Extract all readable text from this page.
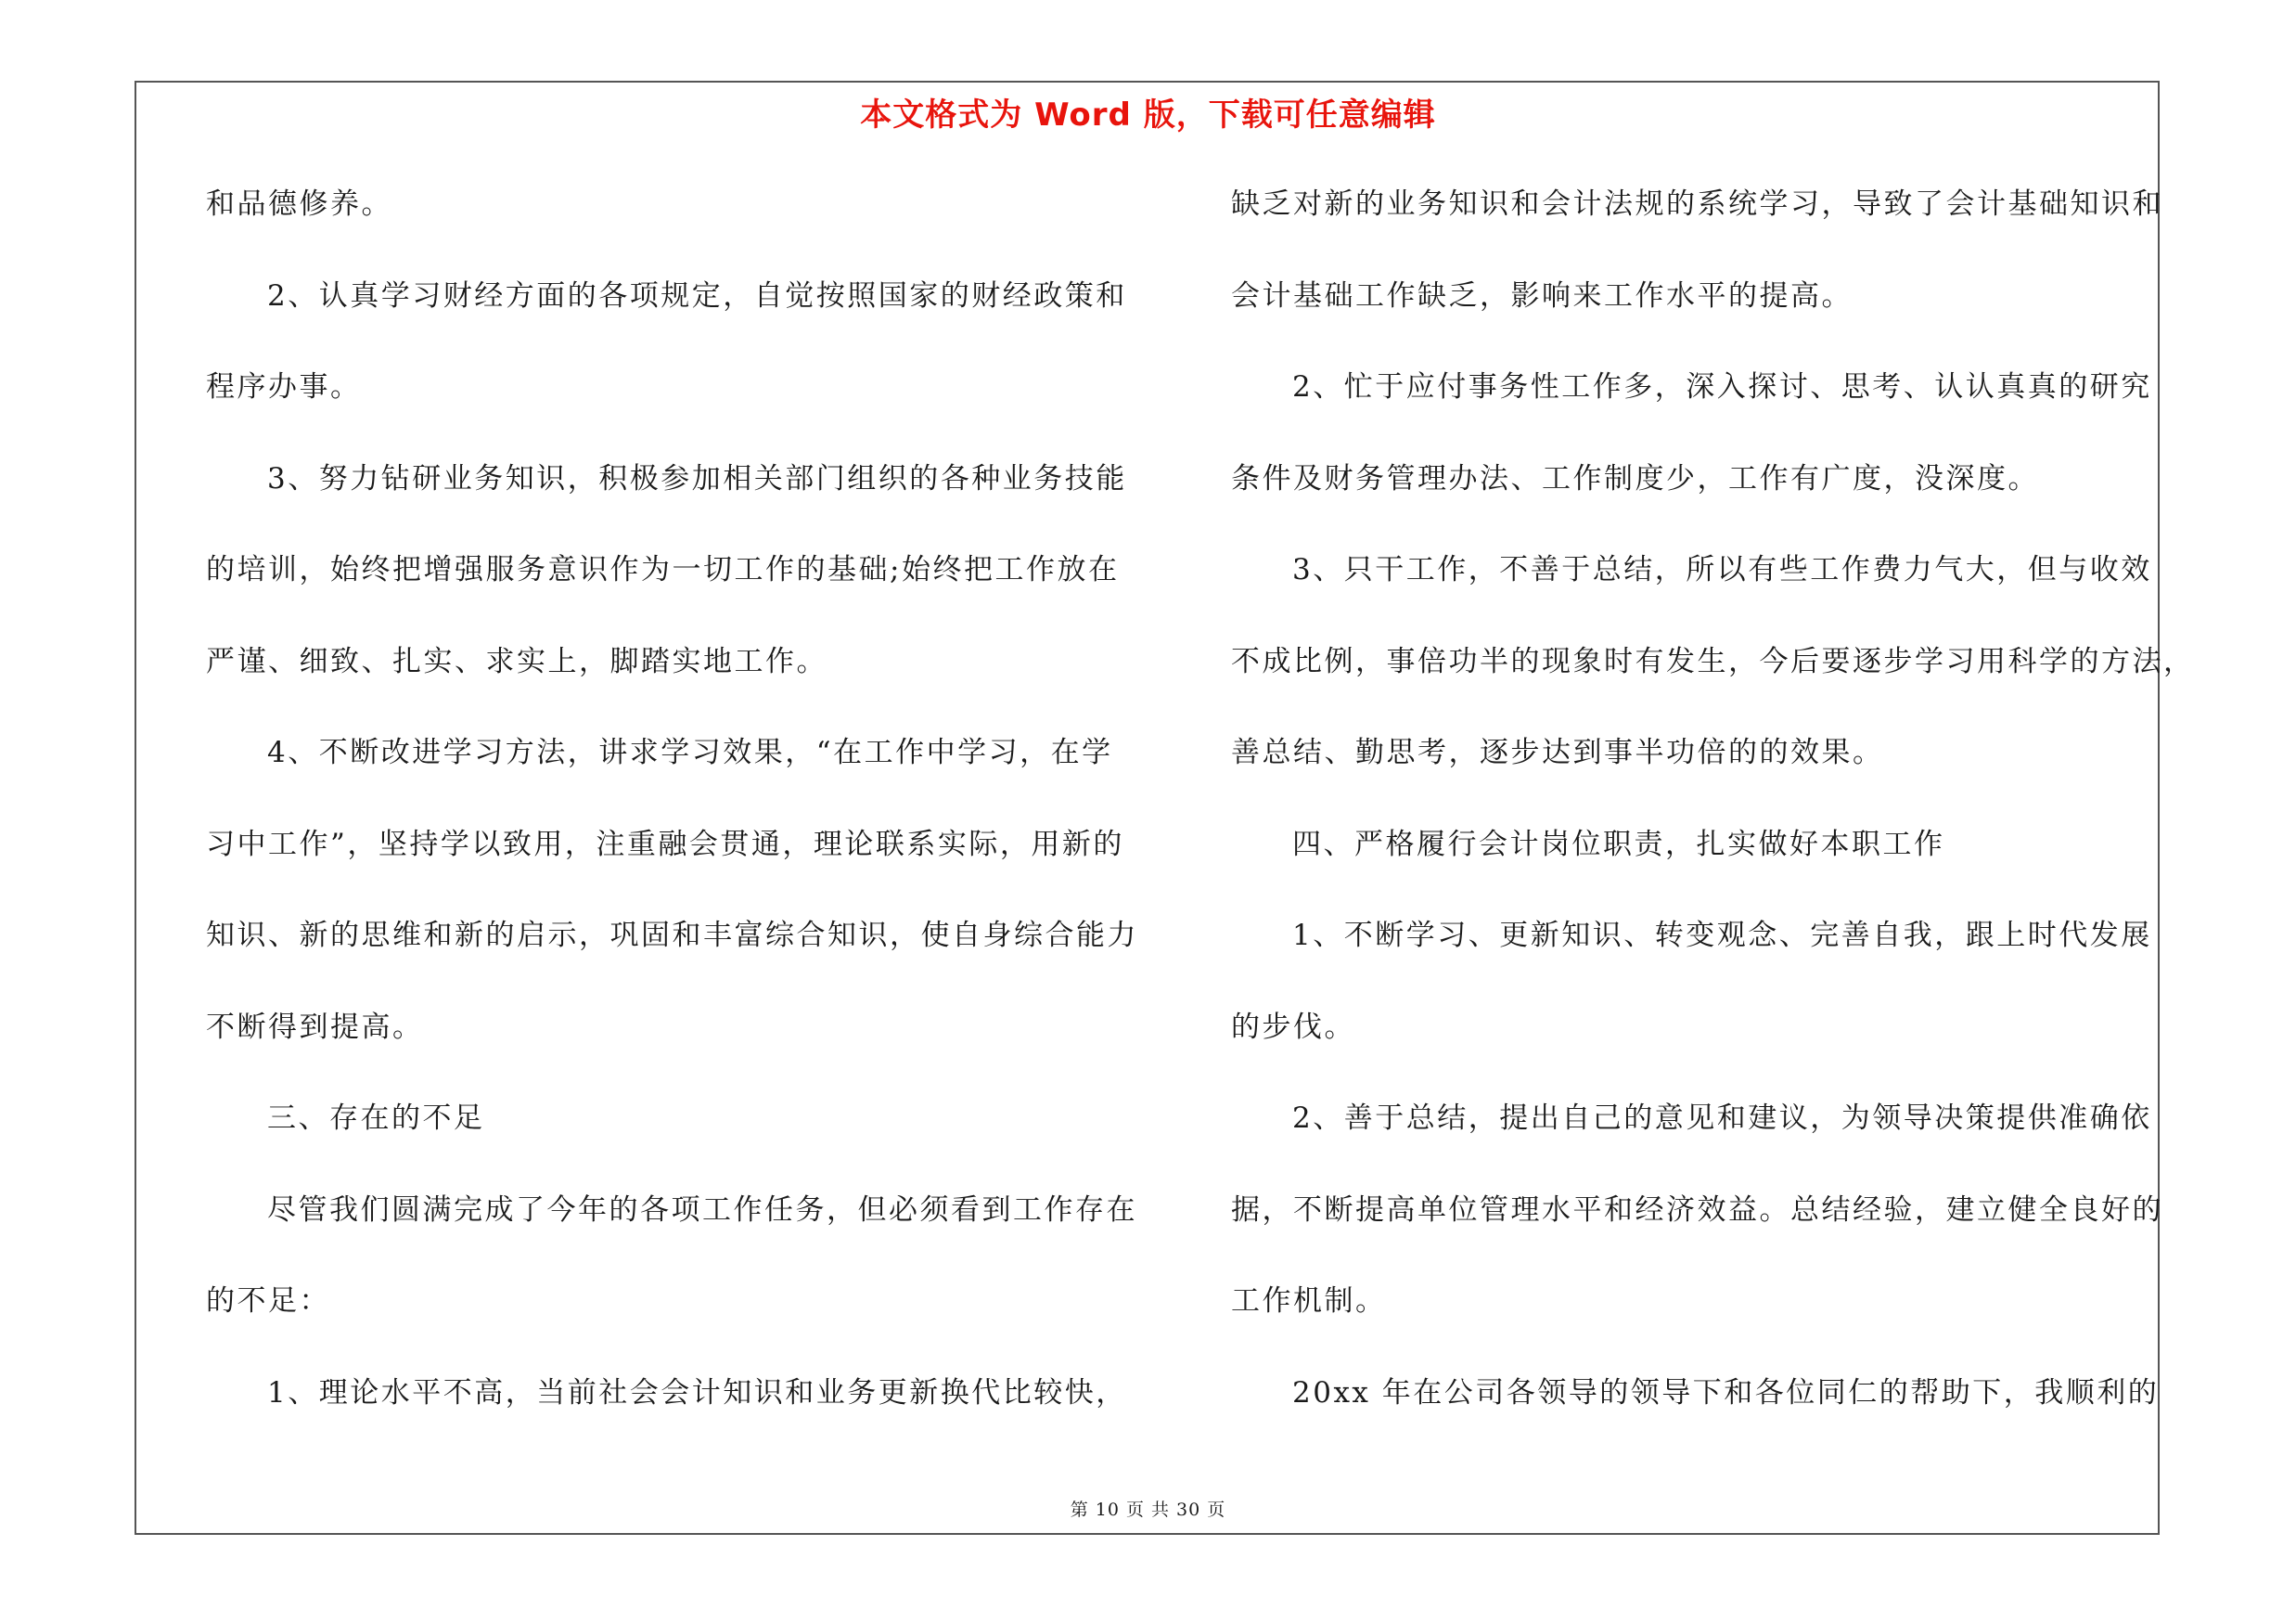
本文格式为 Word 版，下载可任意编辑
和品德修养。
2、认真学习财经方面的各项规定，自觉按照国家的财经政策和
程序办事。
3、努力钻研业务知识，积极参加相关部门组织的各种业务技能
的培训，始终把增强服务意识作为一切工作的基础;始终把工作放在
严谨、细致、扎实、求实上，脚踏实地工作。
4、不断改进学习方法，讲求学习效果，“在工作中学习，在学
习中工作”，坚持学以致用，注重融会贯通，理论联系实际，用新的
知识、新的思维和新的启示，巩固和丰富综合知识，使自身综合能力
不断得到提高。
三、存在的不足
尽管我们圆满完成了今年的各项工作任务，但必须看到工作存在
的不足：
1、理论水平不高，当前社会会计知识和业务更新换代比较快，
缺乏对新的业务知识和会计法规的系统学习，导致了会计基础知识和
会计基础工作缺乏，影响来工作水平的提高。
2、忙于应付事务性工作多，深入探讨、思考、认认真真的研究
条件及财务管理办法、工作制度少，工作有广度，没深度。
3、只干工作，不善于总结，所以有些工作费力气大，但与收效
不成比例，事倍功半的现象时有发生，今后要逐步学习用科学的方法，
善总结、勤思考，逐步达到事半功倍的的效果。
四、严格履行会计岗位职责，扎实做好本职工作
1、不断学习、更新知识、转变观念、完善自我，跟上时代发展
的步伐。
2、善于总结，提出自己的意见和建议，为领导决策提供准确依
据，不断提高单位管理水平和经济效益。总结经验，建立健全良好的
工作机制。
20xx 年在公司各领导的领导下和各位同仁的帮助下，我顺利的
第 10 页 共 30 页
